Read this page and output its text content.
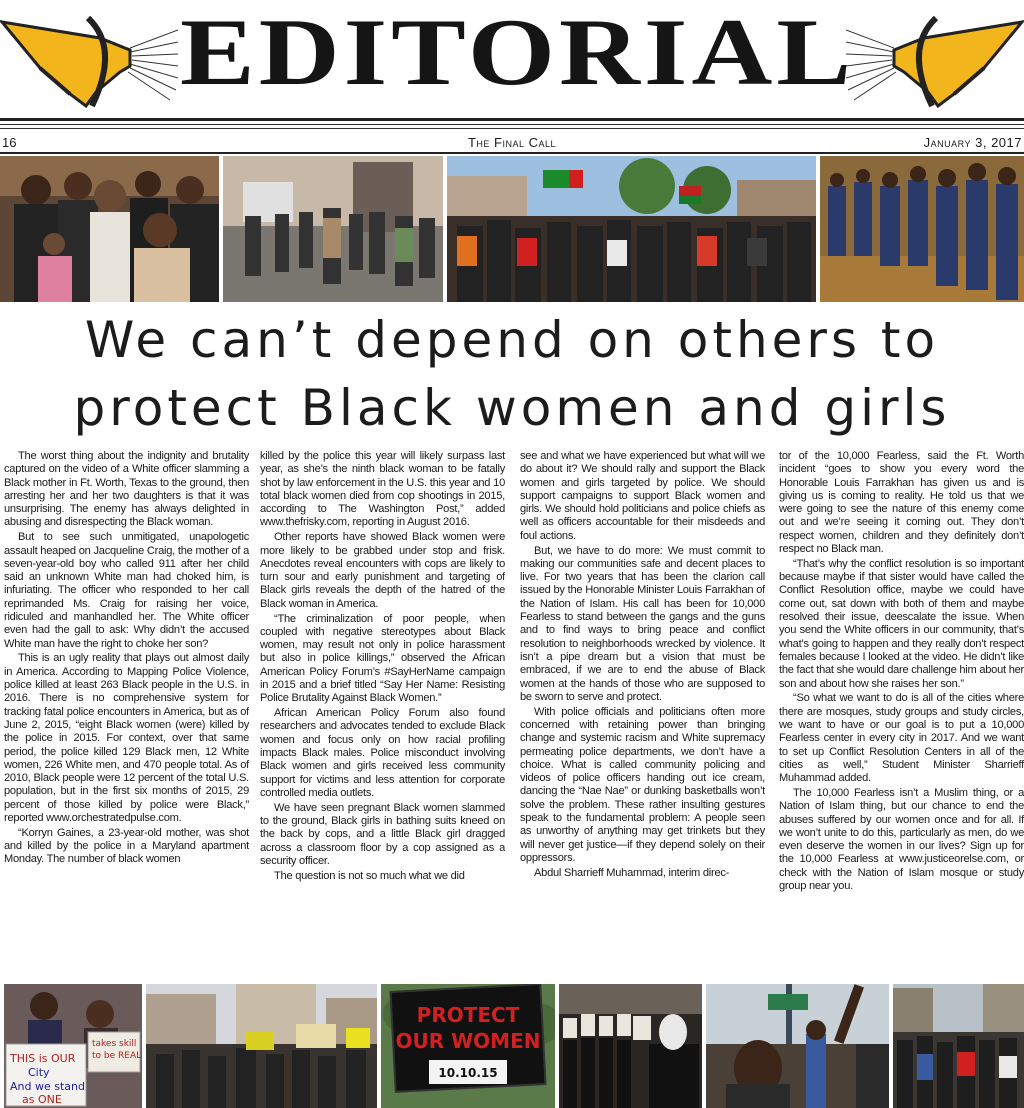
EDITORIAL
16	The Final Call	January 3, 2017
We can’t depend on others to
protect Black women and girls

The worst thing about the indignity and brutality captured on the video of a White officer slamming a Black mother in Ft. Worth, Texas to the ground, then arresting her and her two daughters is that it was unsurprising. The enemy has always delighted in abusing and disrespecting the Black woman.

But to see such unmitigated, unapologetic assault heaped on Jacqueline Craig, the mother of a seven-year-old boy who called 911 after her child said an unknown White man had choked him, is infuriating. The officer who responded to her call reprimanded Ms. Craig for raising her voice, ridiculed and manhandled her. The White officer even had the gall to ask: Why didn’t the accused White man have the right to choke her son?

This is an ugly reality that plays out almost daily in America. According to Mapping Police Violence, police killed at least 263 Black people in the U.S. in 2016. There is no comprehensive system for tracking fatal police encounters in America, but as of June 2, 2015, “eight Black women (were) killed by the police in 2015. For context, over that same period, the police killed 129 Black men, 12 White women, 226 White men, and 470 people total. As of 2010, Black people were 12 percent of the total U.S. population, but in the first six months of 2015, 29 percent of those killed by police were Black,” reported www.orchestratedpulse.com.

“Korryn Gaines, a 23-year-old mother, was shot and killed by the police in a Maryland apartment Monday. The number of black women

killed by the police this year will likely surpass last year, as she’s the ninth black woman to be fatally shot by law enforcement in the U.S. this year and 10 total black women died from cop shootings in 2015, according to The Washington Post,” added www.thefrisky.com, reporting in August 2016.

Other reports have showed Black women were more likely to be grabbed under stop and frisk. Anecdotes reveal encounters with cops are likely to turn sour and early punishment and targeting of Black girls reveals the depth of the hatred of the Black woman in America.

“The criminalization of poor people, when coupled with negative stereotypes about Black women, may result not only in police harassment but also in police killings,” observed the African American Policy Forum’s #SayHerName campaign in 2015 and a brief titled “Say Her Name: Resisting Police Brutality Against Black Women.”

African American Policy Forum also found researchers and advocates tended to exclude Black women and focus only on how racial profiling impacts Black males. Police misconduct involving Black women and girls received less community support for victims and less attention for corporate controlled media outlets.

We have seen pregnant Black women slammed to the ground, Black girls in bathing suits kneed on the back by cops, and a little Black girl dragged across a classroom floor by a cop assigned as a security officer.

The question is not so much what we did

see and what we have experienced but what will we do about it? We should rally and support the Black women and girls targeted by police. We should support campaigns to support Black women and girls. We should hold politicians and police chiefs as well as officers accountable for their misdeeds and foul actions.

But, we have to do more: We must commit to making our communities safe and decent places to live. For two years that has been the clarion call issued by the Honorable Minister Louis Farrakhan of the Nation of Islam. His call has been for 10,000 Fearless to stand between the gangs and the guns and to find ways to bring peace and conflict resolution to neighborhoods wrecked by violence. It isn’t a pipe dream but a vision that must be embraced, if we are to end the abuse of Black women at the hands of those who are supposed to be sworn to serve and protect.

With police officials and politicians often more concerned with retaining power than bringing change and systemic racism and White supremacy permeating police departments, we don’t have a choice. What is called community policing and videos of police officers handing out ice cream, dancing the “Nae Nae” or dunking basketballs won’t solve the problem. These rather insulting gestures speak to the fundamental problem: A people seen as unworthy of anything may get trinkets but they will never get justice—if they depend solely on their oppressors.

Abdul Sharrieff Muhammad, interim direc-

tor of the 10,000 Fearless, said the Ft. Worth incident “goes to show you every word the Honorable Louis Farrakhan has given us and is giving us is coming to reality. He told us that we were going to see the nature of this enemy come out and we’re seeing it coming out. They don’t respect women, children and they definitely don’t respect no Black man.

“That’s why the conflict resolution is so important because maybe if that sister would have called the Conflict Resolution office, maybe we could have come out, sat down with both of them and maybe resolved their issue, deescalate the issue. When you send the White officers in our community, that’s what’s going to happen and they really don’t respect females because I looked at the video. He didn’t like the fact that she would dare challenge him about her son and about how she raises her son.”

“So what we want to do is all of the cities where there are mosques, study groups and study circles, we want to have or our goal is to put a 10,000 Fearless center in every city in 2017. And we want to set up Conflict Resolution Centers in all of the cities as well,” Student Minister Sharrieff Muhammad added.

The 10,000 Fearless isn’t a Muslim thing, or a Nation of Islam thing, but our chance to end the abuses suffered by our women once and for all. If we won’t unite to do this, particularly as men, do we even deserve the women in our lives? Sign up for the 10,000 Fearless at www.justiceorelse.com, or check with the Nation of Islam mosque or study group near you.

THIS is OUR
City
And we stand
as ONE
takes skill
to be REAL
PROTECT
OUR WOMEN
10.10.15
